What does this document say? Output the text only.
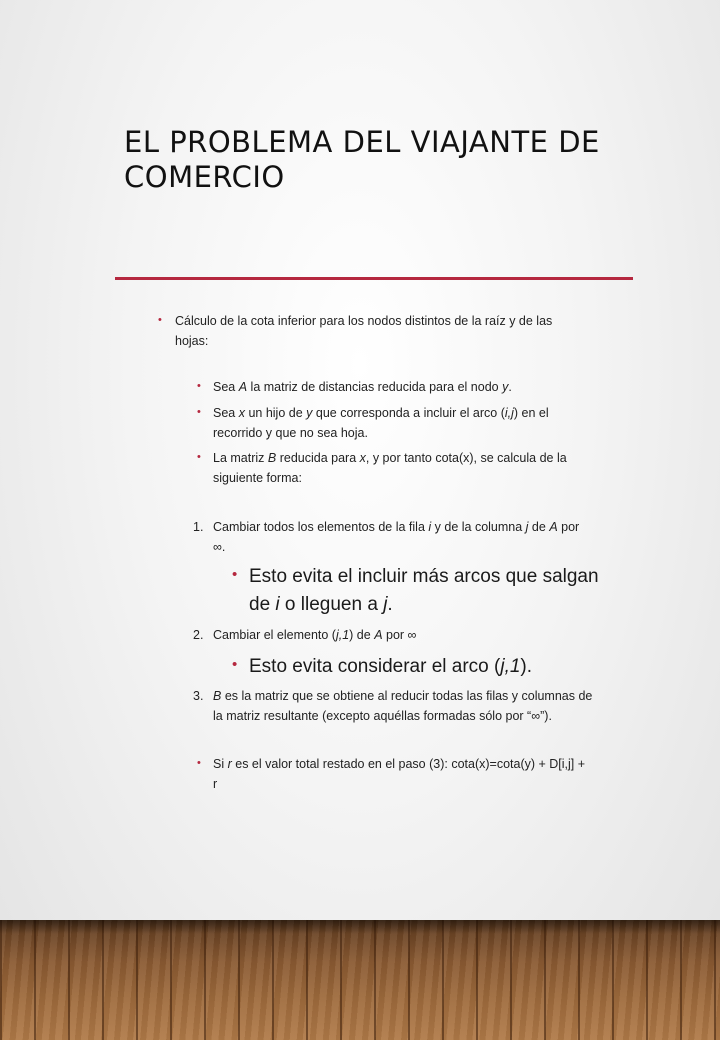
EL PROBLEMA DEL VIAJANTE DE
COMERCIO
• Cálculo de la cota inferior para los nodos distintos de la raíz y de las
hojas:
• Sea A la matriz de distancias reducida para el nodo y.
• Sea x un hijo de y que corresponda a incluir el arco (i,j) en el
recorrido y que no sea hoja.
• La matriz B reducida para x, y por tanto cota(x), se calcula de la
siguiente forma:
1. Cambiar todos los elementos de la fila i y de la columna j de A por
∞.
• Esto evita el incluir más arcos que salgan
de i o lleguen a j.
2. Cambiar el elemento (j,1) de A por ∞
• Esto evita considerar el arco (j,1).
3. B es la matriz que se obtiene al reducir todas las filas y columnas de
la matriz resultante (excepto aquéllas formadas sólo por “∞”).
• Si r es el valor total restado en el paso (3): cota(x)=cota(y) + D[i,j] +
r
